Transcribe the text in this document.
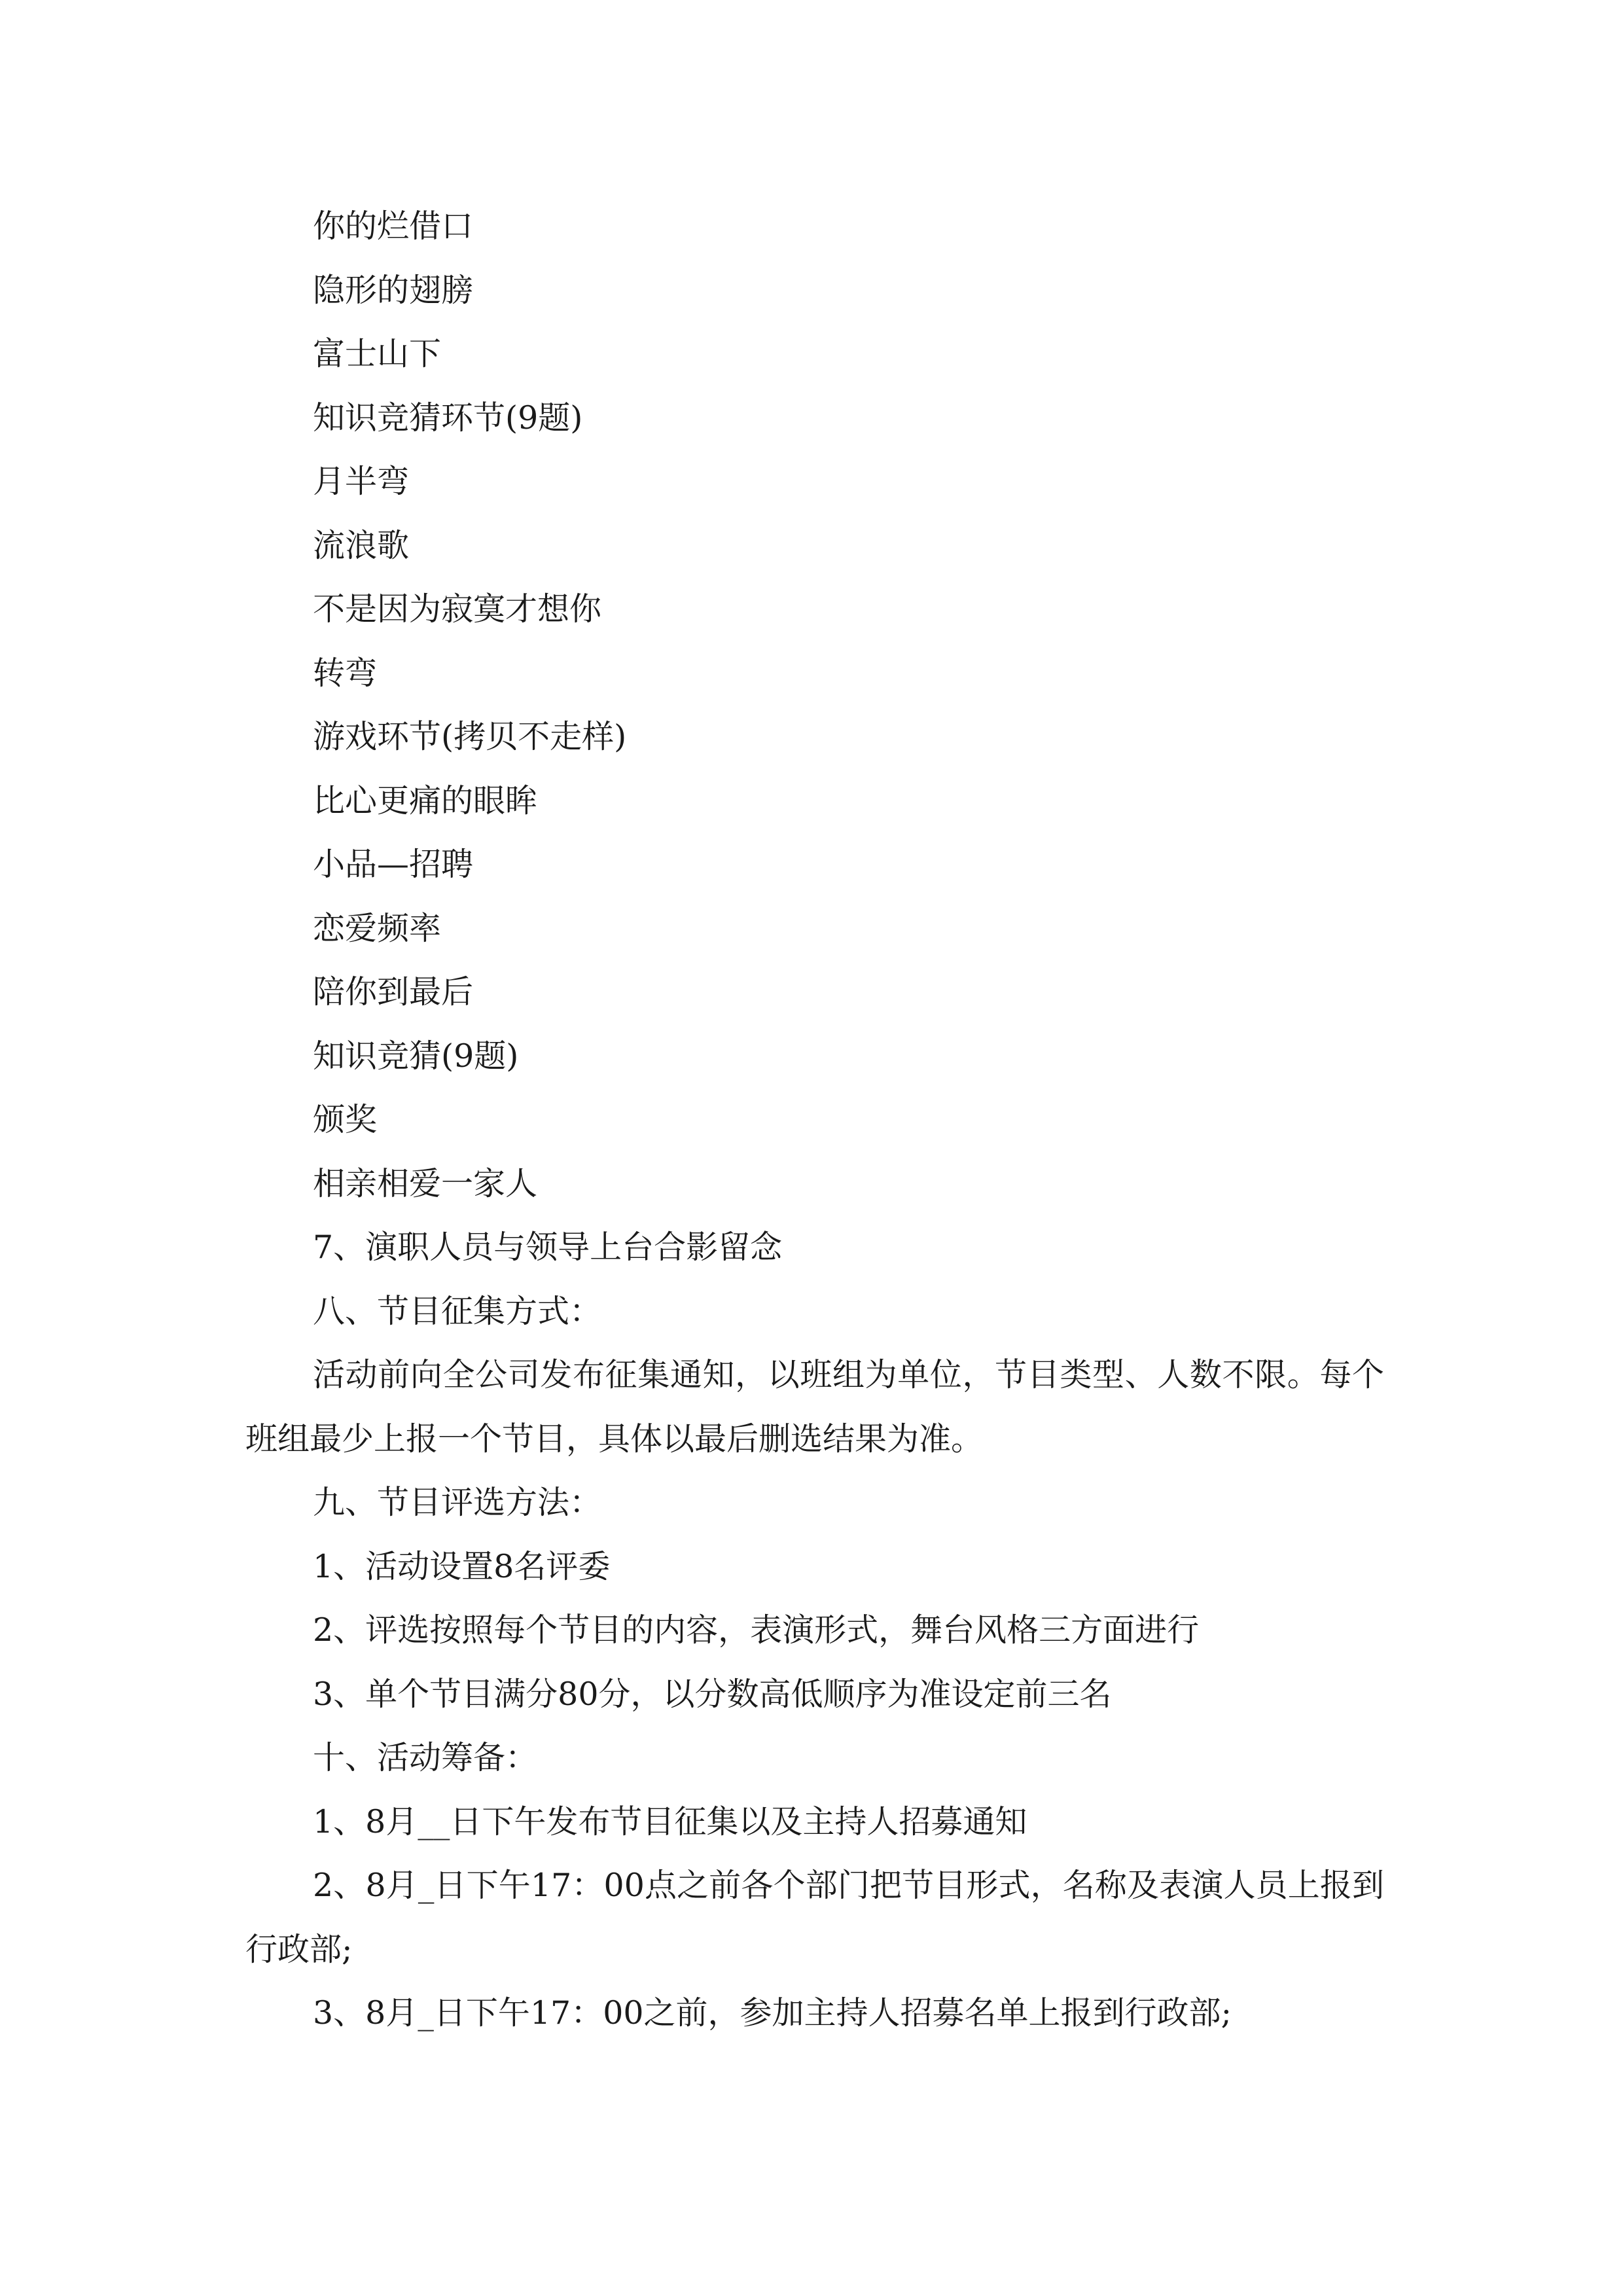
你的烂借口
隐形的翅膀
富士山下
知识竞猜环节(9题)
月半弯
流浪歌
不是因为寂寞才想你
转弯
游戏环节(拷贝不走样)
比心更痛的眼眸
小品—招聘
恋爱频率
陪你到最后
知识竞猜(9题)
颁奖
相亲相爱一家人
7、演职人员与领导上台合影留念
八、节目征集方式：
活动前向全公司发布征集通知，以班组为单位，节目类型、人数不限。每个班组最少上报一个节目，具体以最后删选结果为准。
九、节目评选方法：
1、活动设置8名评委
2、评选按照每个节目的内容，表演形式，舞台风格三方面进行
3、单个节目满分80分，以分数高低顺序为准设定前三名
十、活动筹备：
1、8月__日下午发布节目征集以及主持人招募通知
2、8月_日下午17：00点之前各个部门把节目形式，名称及表演人员上报到行政部;
3、8月_日下午17：00之前，参加主持人招募名单上报到行政部;
